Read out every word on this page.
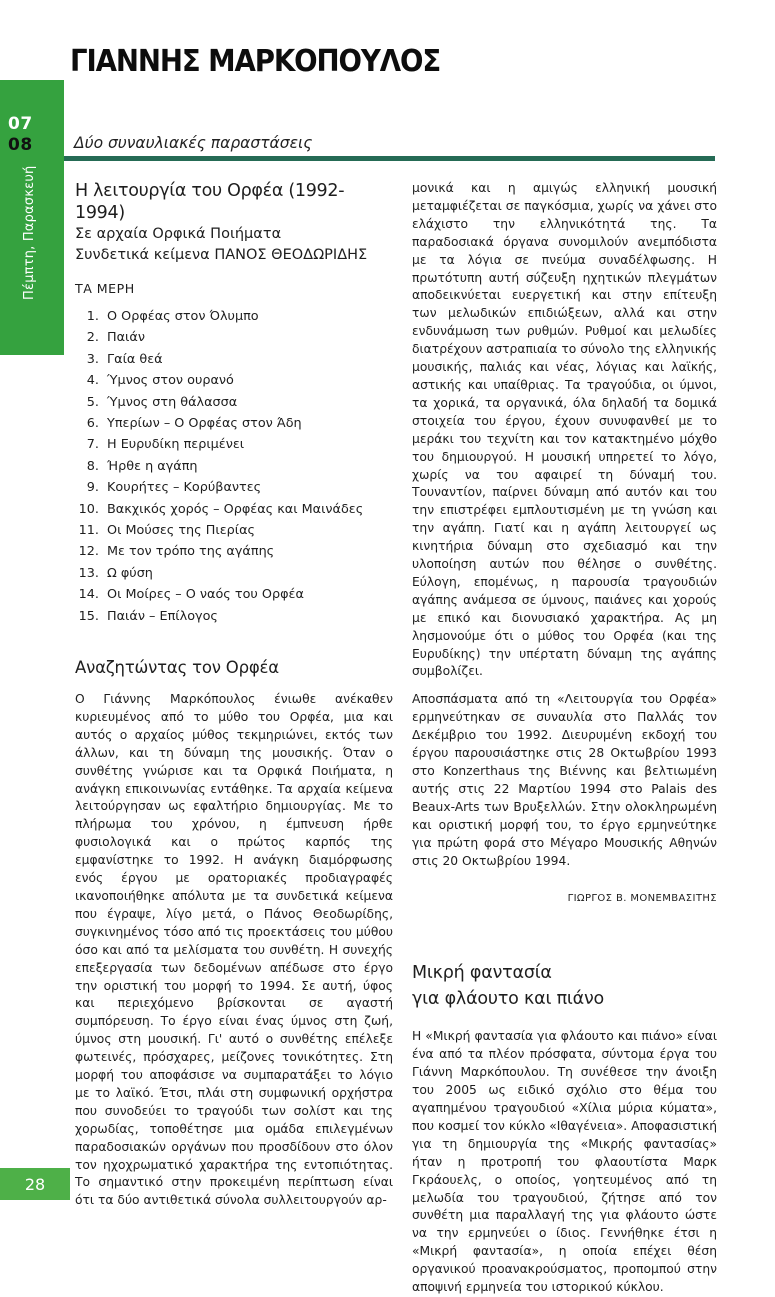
ΓΙΑΝΝΗΣ ΜΑΡΚΟΠΟΥΛΟΣ
07
08
Πέμπτη, Παρασκευή

Δύο συναυλιακές παραστάσεις

Η λειτουργία του Ορφέα (1992-1994)

Σε αρχαία Ορφικά Ποιήματα

Συνδετικά κείμενα ΠΑΝΟΣ ΘΕΟΔΩΡΙΔΗΣ

ΤΑ ΜΕΡΗ

1. Ο Ορφέας στον Όλυμπο
2. Παιάν
3. Γαία θεά
4. Ύμνος στον ουρανό
5. Ύμνος στη θάλασσα
6. Υπερίων – Ο Ορφέας στον Άδη
7. Η Ευρυδίκη περιμένει
8. Ήρθε η αγάπη
9. Κουρήτες – Κορύβαντες
10. Βακχικός χορός – Ορφέας και Μαινάδες
11. Οι Μούσες της Πιερίας
12. Με τον τρόπο της αγάπης
13. Ω φύση
14. Οι Μοίρες – Ο ναός του Ορφέα
15. Παιάν – Επίλογος
Αναζητώντας τον Ορφέα

Ο Γιάννης Μαρκόπουλος ένιωθε ανέκαθεν κυριευμένος από το μύθο του Ορφέα, μια και αυτός ο αρχαίος μύθος τεκμηριώνει, εκτός των άλλων, και τη δύναμη της μουσικής. Όταν ο συνθέτης γνώρισε και τα Ορφικά Ποιήματα, η ανάγκη επικοινωνίας εντάθηκε. Τα αρχαία κείμενα λειτούργησαν ως εφαλτήριο δημιουργίας. Με το πλήρωμα του χρόνου, η έμπνευση ήρθε φυσιολογικά και ο πρώτος καρπός της εμφανίστηκε το 1992. Η ανάγκη διαμόρφωσης ενός έργου με ορατοριακές προδιαγραφές ικανοποιήθηκε απόλυτα με τα συνδετικά κείμενα που έγραψε, λίγο μετά, ο Πάνος Θεοδωρίδης, συγκινημένος τόσο από τις προεκτάσεις του μύθου όσο και από τα μελίσματα του συνθέτη. Η συνεχής επεξεργασία των δεδομένων απέδωσε στο έργο την οριστική του μορφή το 1994. Σε αυτή, ύφος και περιεχόμενο βρίσκονται σε αγαστή συμπόρευση. Το έργο είναι ένας ύμνος στη ζωή, ύμνος στη μουσική. Γι' αυτό ο συνθέτης επέλεξε φωτεινές, πρόσχαρες, μείζονες τονικότητες. Στη μορφή του αποφάσισε να συμπαρατάξει το λόγιο με το λαϊκό. Έτσι, πλάι στη συμφωνική ορχήστρα που συνοδεύει το τραγούδι των σολίστ και της χορωδίας, τοποθέτησε μια ομάδα επιλεγμένων παραδοσιακών οργάνων που προσδίδουν στο όλον τον ηχοχρωματικό χαρακτήρα της εντοπιότητας. Το σημαντικό στην προκειμένη περίπτωση είναι ότι τα δύο αντιθετικά σύνολα συλλειτουργούν αρ-

μονικά και η αμιγώς ελληνική μουσική μεταμφιέζεται σε παγκόσμια, χωρίς να χάνει στο ελάχιστο την ελληνικότητά της. Τα παραδοσιακά όργανα συνομιλούν ανεμπόδιστα με τα λόγια σε πνεύμα συναδέλφωσης. Η πρωτότυπη αυτή σύζευξη ηχητικών πλεγμάτων αποδεικνύεται ευεργετική και στην επίτευξη των μελωδικών επιδιώξεων, αλλά και στην ενδυνάμωση των ρυθμών. Ρυθμοί και μελωδίες διατρέχουν αστραπιαία το σύνολο της ελληνικής μουσικής, παλιάς και νέας, λόγιας και λαϊκής, αστικής και υπαίθριας. Τα τραγούδια, οι ύμνοι, τα χορικά, τα οργανικά, όλα δηλαδή τα δομικά στοιχεία του έργου, έχουν συνυφανθεί με το μεράκι του τεχνίτη και τον κατακτημένο μόχθο του δημιουργού. Η μουσική υπηρετεί το λόγο, χωρίς να του αφαιρεί τη δύναμή του. Τουναντίον, παίρνει δύναμη από αυτόν και του την επιστρέφει εμπλουτισμένη με τη γνώση και την αγάπη. Γιατί και η αγάπη λειτουργεί ως κινητήρια δύναμη στο σχεδιασμό και την υλοποίηση αυτών που θέλησε ο συνθέτης. Εύλογη, επομένως, η παρουσία τραγουδιών αγάπης ανάμεσα σε ύμνους, παιάνες και χορούς με επικό και διονυσιακό χαρακτήρα. Ας μη λησμονούμε ότι ο μύθος του Ορφέα (και της Ευρυδίκης) την υπέρτατη δύναμη της αγάπης συμβολίζει.

Αποσπάσματα από τη «Λειτουργία του Ορφέα» ερμηνεύτηκαν σε συναυλία στο Παλλάς τον Δεκέμβριο του 1992. Διευρυμένη εκδοχή του έργου παρουσιάστηκε στις 28 Οκτωβρίου 1993 στο Konzerthaus της Βιέννης και βελτιωμένη αυτής στις 22 Μαρτίου 1994 στο Palais des Beaux-Arts των Βρυξελλών. Στην ολοκληρωμένη και οριστική μορφή του, το έργο ερμηνεύτηκε για πρώτη φορά στο Μέγαρο Μουσικής Αθηνών στις 20 Οκτωβρίου 1994.

ΓΙΩΡΓΟΣ Β. ΜΟΝΕΜΒΑΣΙΤΗΣ

Μικρή φαντασία
για φλάουτο και πιάνο

Η «Μικρή φαντασία για φλάουτο και πιάνο» είναι ένα από τα πλέον πρόσφατα, σύντομα έργα του Γιάννη Μαρκόπουλου. Τη συνέθεσε την άνοιξη του 2005 ως ειδικό σχόλιο στο θέμα του αγαπημένου τραγουδιού «Χίλια μύρια κύματα», που κοσμεί τον κύκλο «Ιθαγένεια». Αποφασιστική για τη δημιουργία της «Μικρής φαντασίας» ήταν η προτροπή του φλαουτίστα Μαρκ Γκράουελς, ο οποίος, γοητευμένος από τη μελωδία του τραγουδιού, ζήτησε από τον συνθέτη μια παραλλαγή της για φλάουτο ώστε να την ερμηνεύει ο ίδιος. Γεννήθηκε έτσι η «Μικρή φαντασία», η οποία επέχει θέση οργανικού προανακρούσματος, προπομπού στην αποψινή ερμηνεία του ιστορικού κύκλου.

28
